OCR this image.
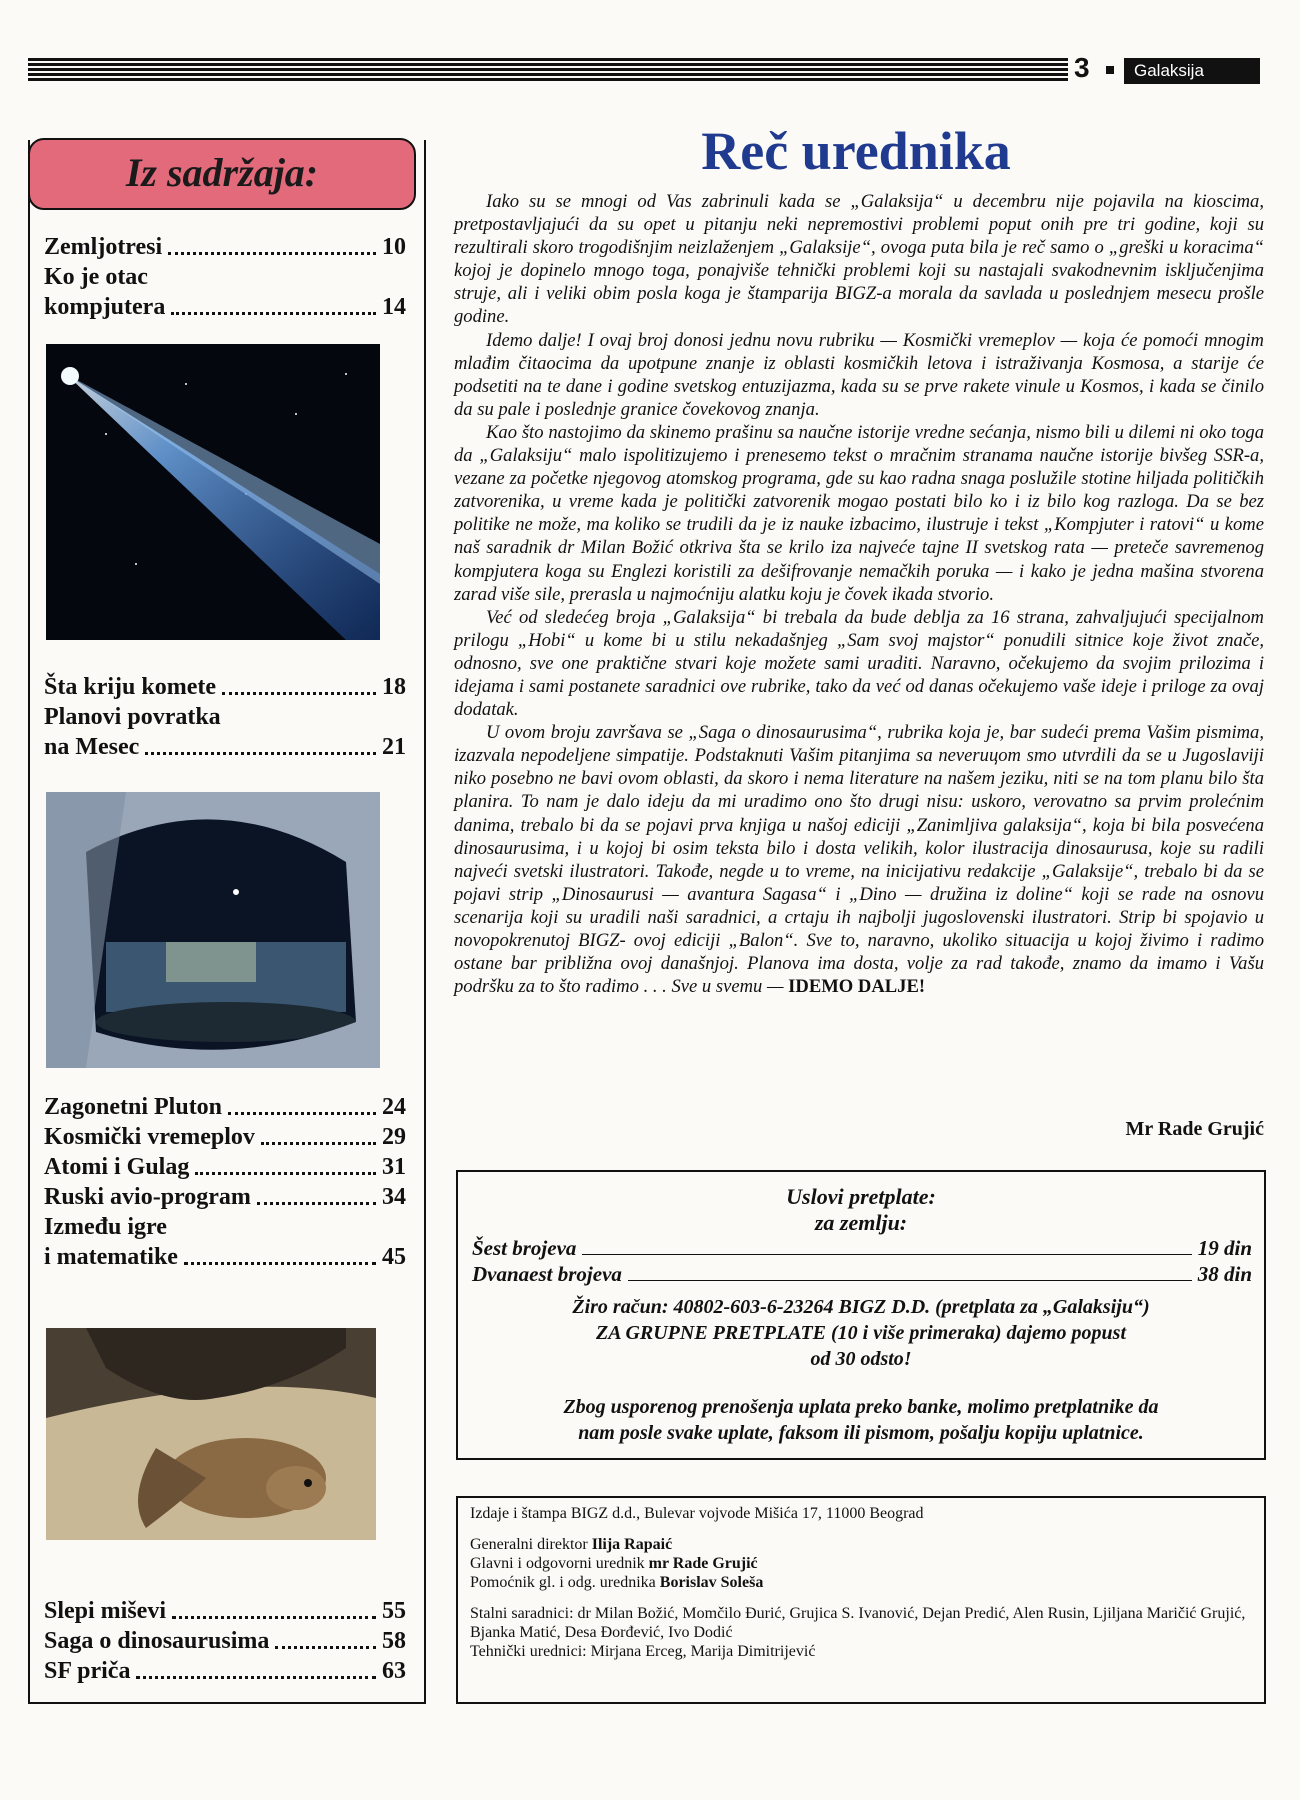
3	Galaksija
Iz sadržaja:
Zemljotresi	10
Ko je otac
kompjutera	14
Šta kriju komete	18
Planovi povratka
na Mesec	21
Zagonetni Pluton	24
Kosmički vremeplov	29
Atomi i Gulag	31
Ruski avio-program	34
Između igre
i matematike	45
Slepi miševi	55
Saga o dinosaurusima	58
SF priča	63
Reč urednika

Iako su se mnogi od Vas zabrinuli kada se „Galaksija“ u decembru nije pojavila na kioscima, pretpostavljajući da su opet u pitanju neki nepremostivi problemi poput onih pre tri godine, koji su rezultirali skoro trogodišnjim neizlaženjem „Galaksije“, ovoga puta bila je reč samo o „greški u koracima“ kojoj je dopinelo mnogo toga, ponajviše tehnički problemi koji su nastajali svakodnevnim isključenjima struje, ali i veliki obim posla koga je štamparija BIGZ-a morala da savlada u poslednjem mesecu prošle godine.

Idemo dalje! I ovaj broj donosi jednu novu rubriku — Kosmički vremeplov — koja će pomoći mnogim mlađim čitaocima da upotpune znanje iz oblasti kosmičkih letova i istraživanja Kosmosa, a starije će podsetiti na te dane i godine svetskog entuzijazma, kada su se prve rakete vinule u Kosmos, i kada se činilo da su pale i poslednje granice čovekovog znanja.

Kao što nastojimo da skinemo prašinu sa naučne istorije vredne sećanja, nismo bili u dilemi ni oko toga da „Galaksiju“ malo ispolitizujemo i prenesemo tekst o mračnim stranama naučne istorije bivšeg SSR-a, vezane za početke njegovog atomskog programa, gde su kao radna snaga poslužile stotine hiljada političkih zatvorenika, u vreme kada je politički zatvorenik mogao postati bilo ko i iz bilo kog razloga. Da se bez politike ne može, ma koliko se trudili da je iz nauke izbacimo, ilustruje i tekst „Kompjuter i ratovi“ u kome naš saradnik dr Milan Božić otkriva šta se krilo iza najveće tajne II svetskog rata — preteče savremenog kompjutera koga su Englezi koristili za dešifrovanje nemačkih poruka — i kako je jedna mašina stvorena zarad više sile, prerasla u najmoćniju alatku koju je čovek ikada stvorio.

Već od sledećeg broja „Galaksija“ bi trebala da bude deblja za 16 strana, zahvaljujući specijalnom prilogu „Hobi“ u kome bi u stilu nekadašnjeg „Sam svoj majstor“ ponudili sitnice koje život znače, odnosno, sve one praktične stvari koje možete sami uraditi. Naravno, očekujemo da svojim prilozima i idejama i sami postanete saradnici ove rubrike, tako da već od danas očekujemo vaše ideje i priloge za ovaj dodatak.

U ovom broju završava se „Saga o dinosaurusima“, rubrika koja je, bar sudeći prema Vašim pismima, izazvala nepodeljene simpatije. Podstaknuti Vašim pitanjima sa neverицom smo utvrdili da se u Jugoslaviji niko posebno ne bavi ovom oblasti, da skoro i nema literature na našem jeziku, niti se na tom planu bilo šta planira. To nam je dalo ideju da mi uradimo ono što drugi nisu: uskoro, verovatno sa prvim prolećnim danima, trebalo bi da se pojavi prva knjiga u našoj ediciji „Zanimljiva galaksija“, koja bi bila posvećena dinosaurusima, i u kojoj bi osim teksta bilo i dosta velikih, kolor ilustracija dinosaurusa, koje su radili najveći svetski ilustratori. Takođe, negde u to vreme, na inicijativu redakcije „Galaksije“, trebalo bi da se pojavi strip „Dinosaurusi — avantura Sagasa“ i „Dino — družina iz doline“ koji se rade na osnovu scenarija koji su uradili naši saradnici, a crtaju ih najbolji jugoslovenski ilustratori. Strip bi spojavio u novopokrenutoj BIGZ- ovoj ediciji „Balon“. Sve to, naravno, ukoliko situacija u kojoj živimo i radimo ostane bar približna ovoj današnjoj. Planova ima dosta, volje za rad takođe, znamo da imamo i Vašu podršku za to što radimo . . . Sve u svemu — IDEMO DALJE!

Mr Rade Grujić
Uslovi pretplate:
za zemlju:
Šest brojeva	19 din
Dvanaest brojeva	38 din
Žiro račun: 40802-603-6-23264 BIGZ D.D. (pretplata za „Galaksiju“)
ZA GRUPNE PRETPLATE (10 i više primeraka) dajemo popust
od 30 odsto!
Zbog usporenog prenošenja uplata preko banke, molimo pretplatnike da
nam posle svake uplate, faksom ili pismom, pošalju kopiju uplatnice.

Izdaje i štampa BIGZ d.d., Bulevar vojvode Mišića 17, 11000 Beograd

Generalni direktor Ilija Rapaić
Glavni i odgovorni urednik mr Rade Grujić
Pomoćnik gl. i odg. urednika Borislav Soleša
Stalni saradnici: dr Milan Božić, Momčilo Đurić, Grujica S. Ivanović, Dejan Predić, Alen Rusin, Ljiljana Maričić Grujić, Bjanka Matić, Desa Đorđević, Ivo Dodić
Tehnički urednici: Mirjana Erceg, Marija Dimitrijević
